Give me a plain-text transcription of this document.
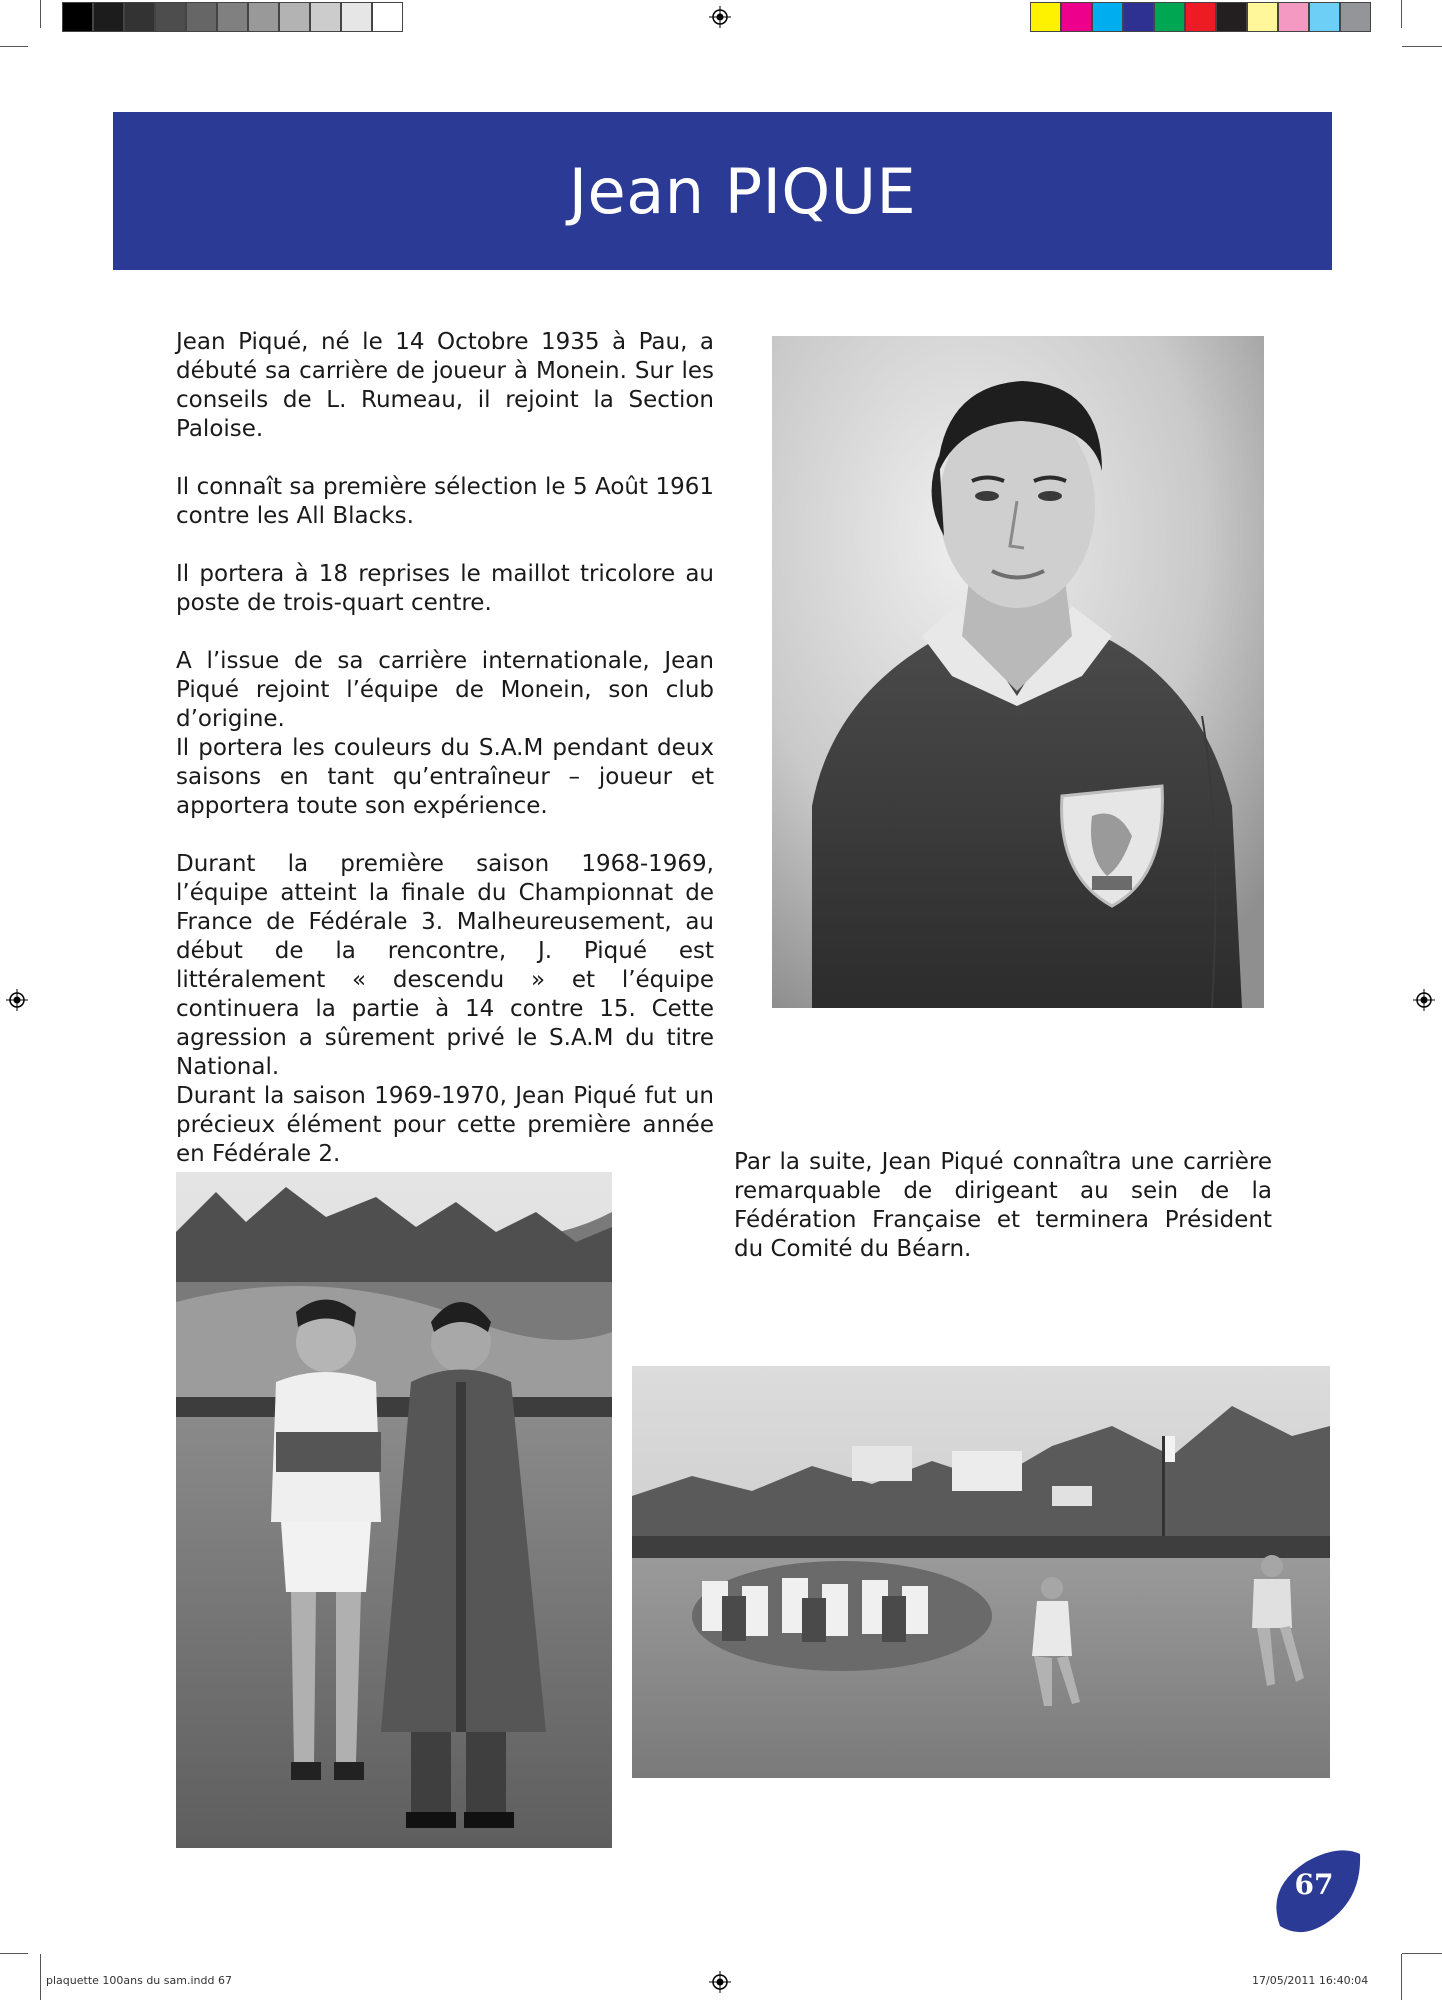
Jean PIQUE

Jean Piqué, né le 14 Octobre 1935 à Pau, a débuté sa carrière de joueur à Monein. Sur les conseils de L. Rumeau, il rejoint la Section Paloise.

Il connaît sa première sélection le 5 Août 1961 contre les All Blacks.

Il portera à 18 reprises le maillot tricolore au poste de trois-quart centre.

A l’issue de sa carrière internationale, Jean Piqué rejoint l’équipe de Monein, son club d’origine.

Il portera les couleurs du S.A.M pendant deux saisons en tant qu’entraîneur – joueur et apportera toute son expérience.

Durant la première saison 1968-1969, l’équipe atteint la finale du Championnat de France de Fédérale 3. Malheureusement, au début de la rencontre, J. Piqué est littéralement « descendu » et l’équipe continuera la partie à 14 contre 15. Cette agression a sûrement privé le S.A.M du titre National.

Durant la saison 1969-1970, Jean Piqué fut un précieux élément pour cette première année en Fédérale 2.	Par la suite, Jean Piqué connaîtra une carrière remarquable de dirigeant au sein de la Fédération Française et terminera Président du Comité du Béarn.

67
plaquette 100ans du sam.indd 67	17/05/2011 16:40:04
